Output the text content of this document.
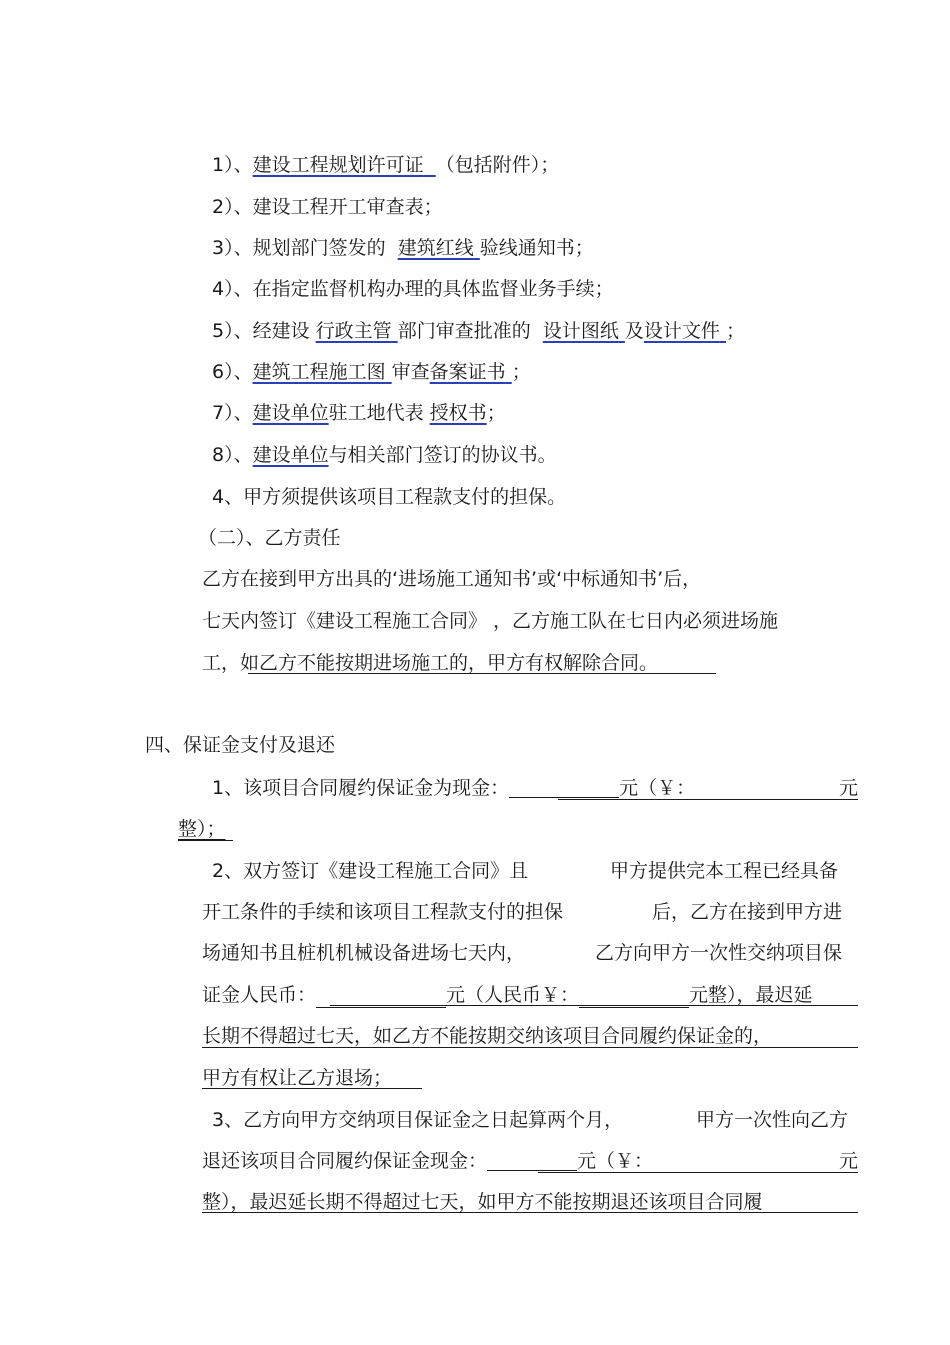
1）、建设工程规划许可证 （包括附件）；
2）、建设工程开工审查表；
3）、规划部门签发的 建筑红线 验线通知书；
4）、在指定监督机构办理的具体监督业务手续；
5）、经建设 行政主管 部门审查批准的 设计图纸 及设计文件 ；
6）、建筑工程施工图 审查备案证书 ；
7）、建设单位驻工地代表 授权书；
8）、建设单位与相关部门签订的协议书。
4、甲方须提供该项目工程款支付的担保。
（二）、乙方责任
乙方在接到甲方出具的‘进场施工通知书’或‘中标通知书’后，
七天内签订《建设工程施工合同》 ，乙方施工队在七日内必须进场施
工，如乙方不能按期进场施工的，甲方有权解除合同。
四、保证金支付及退还
1、该项目合同履约保证金为现金：	元（￥：	元
整）；
2、双方签订《建设工程施工合同》且	甲方提供完本工程已经具备
开工条件的手续和该项目工程款支付的担保	后，乙方在接到甲方进
场通知书且桩机机械设备进场七天内，	乙方向甲方一次性交纳项目保
证金人民币：	元（人民币￥：	元整），最迟延
长期不得超过七天，如乙方不能按期交纳该项目合同履约保证金的，
甲方有权让乙方退场；
3、乙方向甲方交纳项目保证金之日起算两个月，	甲方一次性向乙方
退还该项目合同履约保证金现金：	元（￥：	元
整），最迟延长期不得超过七天，如甲方不能按期退还该项目合同履
